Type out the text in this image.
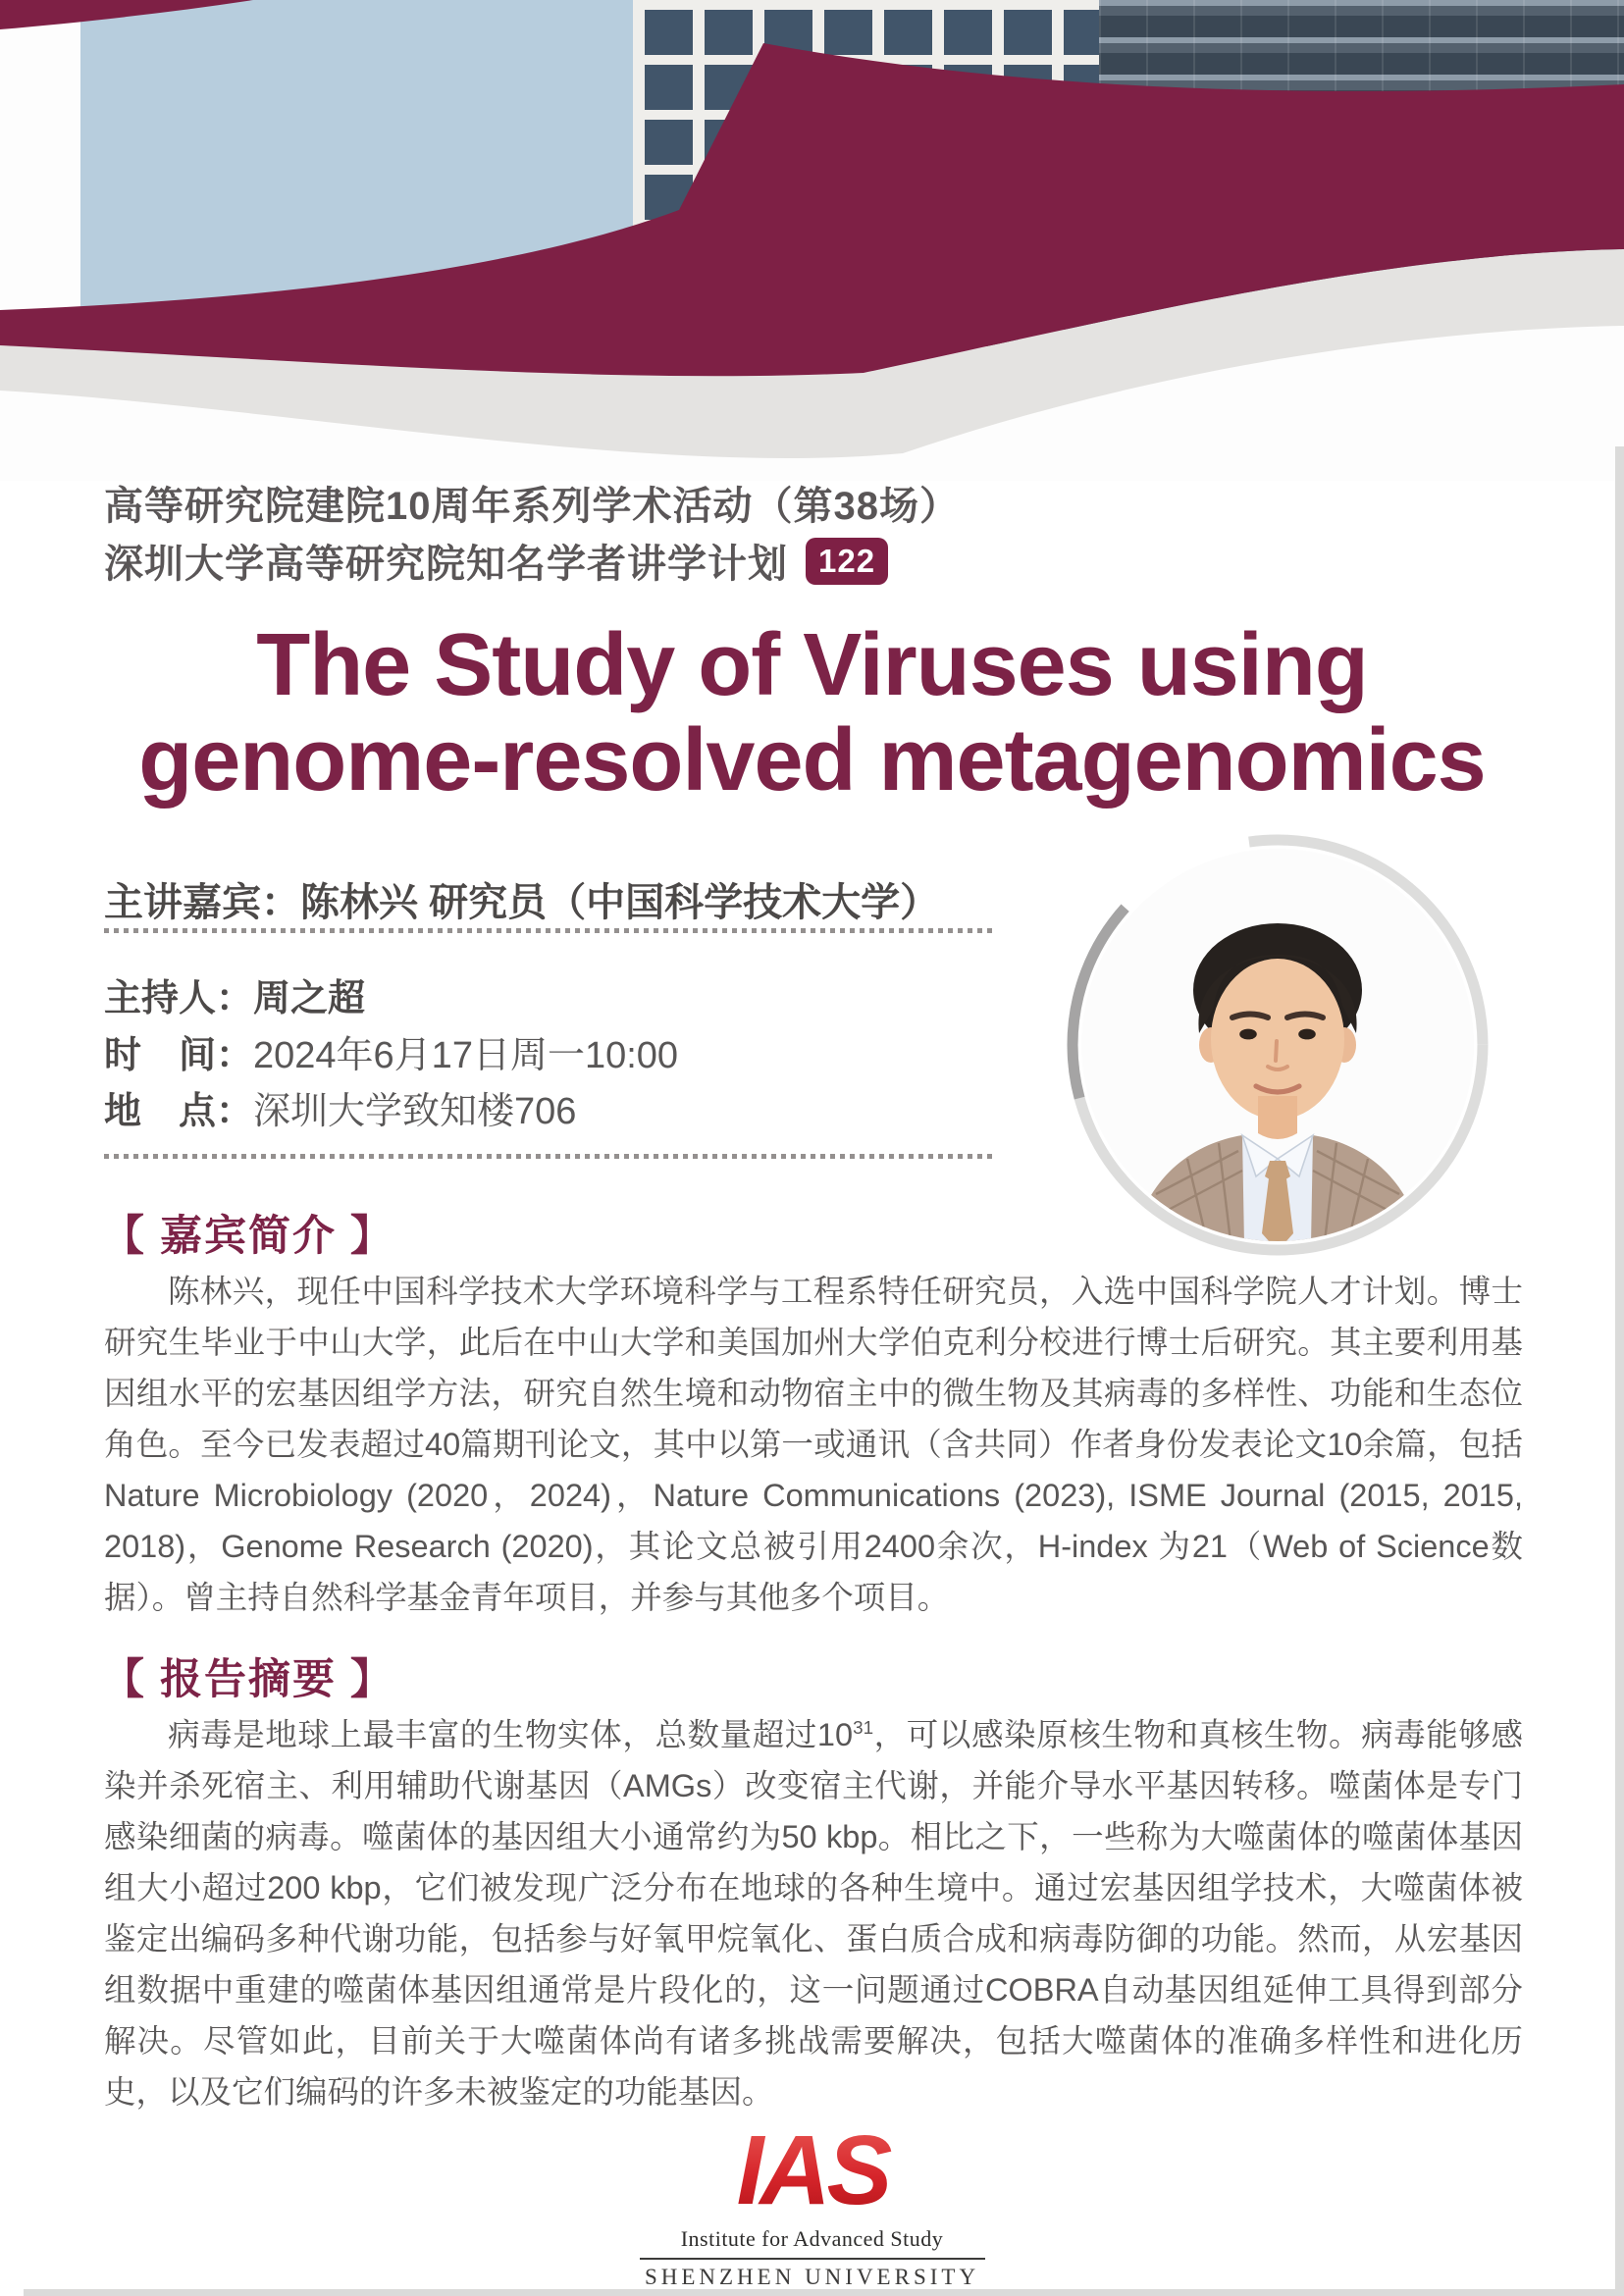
高等研究院建院10周年系列学术活动（第38场）
深圳大学高等研究院知名学者讲学计划 122
The Study of Viruses using
genome-resolved metagenomics
主讲嘉宾：陈林兴 研究员（中国科学技术大学）
主持人：周之超
时　间：2024年6月17日周一10:00
地　点：深圳大学致知楼706
【 嘉宾简介 】
陈林兴，现任中国科学技术大学环境科学与工程系特任研究员，入选中国科学院人才计划。博士研究生毕业于中山大学，此后在中山大学和美国加州大学伯克利分校进行博士后研究。其主要利用基因组水平的宏基因组学方法，研究自然生境和动物宿主中的微生物及其病毒的多样性、功能和生态位角色。至今已发表超过40篇期刊论文，其中以第一或通讯（含共同）作者身份发表论文10余篇，包括 Nature Microbiology (2020，2024)，Nature Communications (2023), ISME Journal (2015, 2015, 2018)，Genome Research (2020)，其论文总被引用2400余次，H-index 为21（Web of Science数据）。曾主持自然科学基金青年项目，并参与其他多个项目。
【 报告摘要 】
病毒是地球上最丰富的生物实体，总数量超过$10^{31}$，可以感染原核生物和真核生物。病毒能够感染并杀死宿主、利用辅助代谢基因（AMGs）改变宿主代谢，并能介导水平基因转移。噬菌体是专门感染细菌的病毒。噬菌体的基因组大小通常约为50 kbp。相比之下，一些称为大噬菌体的噬菌体基因组大小超过200 kbp，它们被发现广泛分布在地球的各种生境中。通过宏基因组学技术，大噬菌体被鉴定出编码多种代谢功能，包括参与好氧甲烷氧化、蛋白质合成和病毒防御的功能。然而，从宏基因组数据中重建的噬菌体基因组通常是片段化的，这一问题通过COBRA自动基因组延伸工具得到部分解决。尽管如此，目前关于大噬菌体尚有诸多挑战需要解决，包括大噬菌体的准确多样性和进化历史，以及它们编码的许多未被鉴定的功能基因。
IAS
Institute for Advanced Study
SHENZHEN UNIVERSITY
